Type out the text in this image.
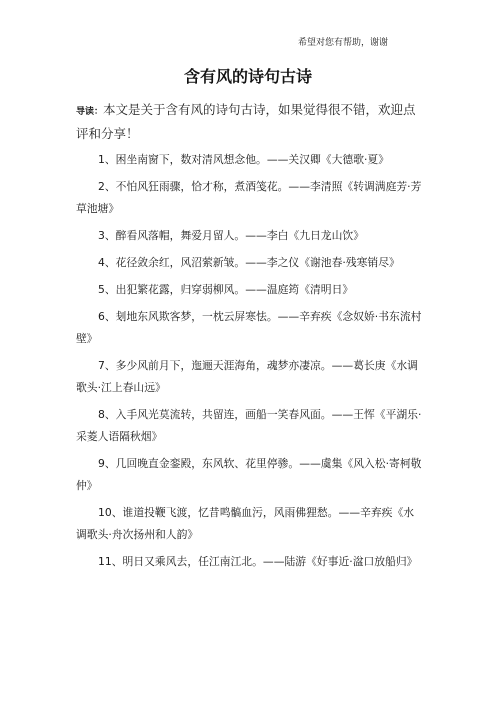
希望对您有帮助，谢谢
含有风的诗句古诗

导读：本文是关于含有风的诗句古诗，如果觉得很不错，欢迎点评和分享！

1、困坐南窗下，数对清风想念他。——关汉卿《大德歌·夏》
2、不怕风狂雨骤，恰才称，煮酒笺花。——李清照《转调满庭芳·芳草池塘》
3、醉看风落帽，舞爱月留人。——李白《九日龙山饮》
4、花径敛余红，风沼萦新皱。——李之仪《谢池春·残寒销尽》
5、出犯繁花露，归穿弱柳风。——温庭筠《清明日》
6、刬地东风欺客梦，一枕云屏寒怯。——辛弃疾《念奴娇·书东流村壁》
7、多少风前月下，迤逦天涯海角，魂梦亦凄凉。——葛长庚《水调歌头·江上春山远》
8、入手风光莫流转，共留连，画船一笑春风面。——王恽《平湖乐·采菱人语隔秋烟》
9、几回晚直金銮殿，东风软、花里停骖。——虞集《风入松·寄柯敬仲》
10、谁道投鞭飞渡，忆昔鸣髇血污，风雨佛狸愁。——辛弃疾《水调歌头·舟次扬州和人韵》
11、明日又乘风去，任江南江北。——陆游《好事近·湓口放船归》
